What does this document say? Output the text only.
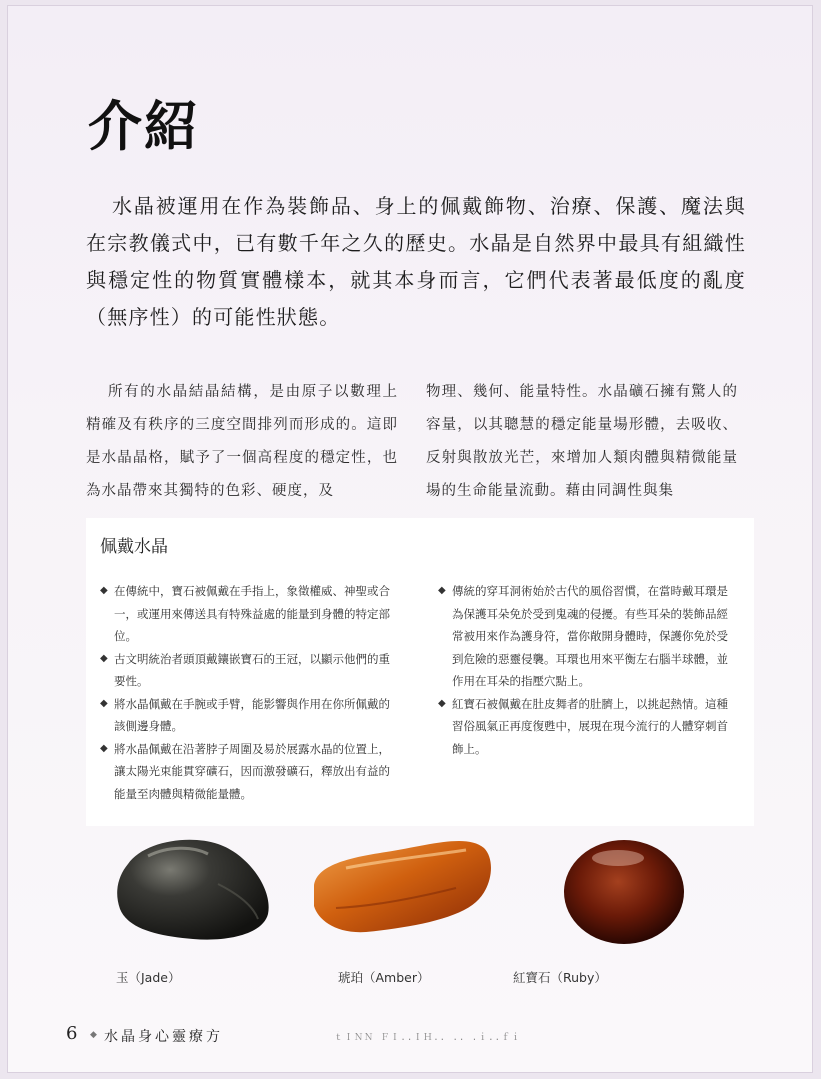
介紹
水晶被運用在作為裝飾品、身上的佩戴飾物、治療、保護、魔法與在宗教儀式中，已有數千年之久的歷史。水晶是自然界中最具有組織性與穩定性的物質實體樣本，就其本身而言，它們代表著最低度的亂度（無序性）的可能性狀態。
所有的水晶結晶結構，是由原子以數理上精確及有秩序的三度空間排列而形成的。這即是水晶晶格，賦予了一個高程度的穩定性，也為水晶帶來其獨特的色彩、硬度，及
物理、幾何、能量特性。水晶礦石擁有驚人的容量，以其聰慧的穩定能量場形體，去吸收、反射與散放光芒，來增加人類肉體與精微能量場的生命能量流動。藉由同調性與集
佩戴水晶
◆ 在傳統中，寶石被佩戴在手指上，象徵權威、神聖或合一，或運用來傳送具有特殊益處的能量到身體的特定部位。
◆ 古文明統治者頭頂戴鑲嵌寶石的王冠，以顯示他們的重要性。
◆ 將水晶佩戴在手腕或手臂，能影響與作用在你所佩戴的該側邊身體。
◆ 將水晶佩戴在沿著脖子周圍及易於展露水晶的位置上，讓太陽光束能貫穿礦石，因而激發礦石，釋放出有益的能量至肉體與精微能量體。
◆ 傳統的穿耳洞術始於古代的風俗習慣，在當時戴耳環是為保護耳朵免於受到鬼魂的侵擾。有些耳朵的裝飾品經常被用來作為護身符，當你敞開身體時，保護你免於受到危險的惡靈侵襲。耳環也用來平衡左右腦半球體，並作用在耳朵的指壓穴點上。
◆ 紅寶石被佩戴在肚皮舞者的肚臍上，以挑起熱情。這種習俗風氣正再度復甦中，展現在現今流行的人體穿刺首飾上。
玉（Jade）	琥珀（Amber）	紅寶石（Ruby）
6 ◆ 水晶身心靈療方	ｔＩＮＮ ＦＩ..ＩＨ.. .. .ｉ..ｆｉ
